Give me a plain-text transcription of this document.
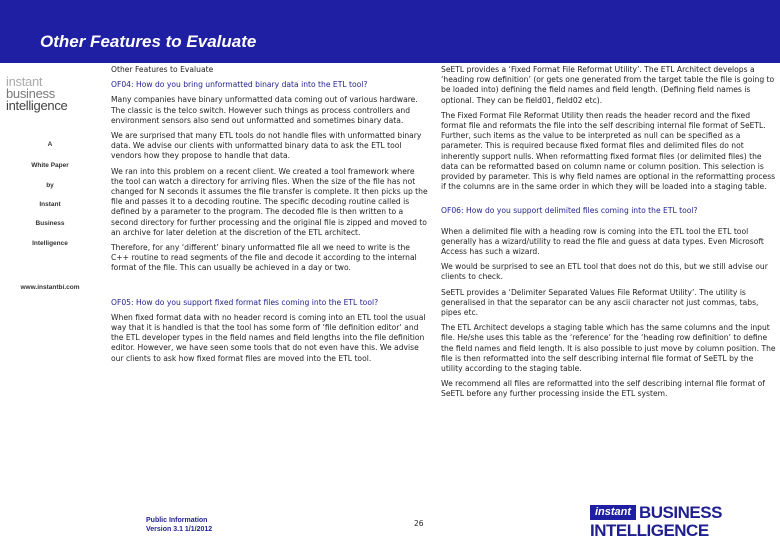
Other Features to Evaluate
instant
business
intelligence
A
White Paper
by
Instant
Business
Intelligence
www.instantbi.com

Other Features to Evaluate

OF04: How do you bring unformatted binary data into the ETL tool?

Many companies have binary unformatted data coming out of various hardware. The classic is the telco switch. However such things as process controllers and environment sensors also send out unformatted and sometimes binary data.

We are surprised that many ETL tools do not handle files with unformatted binary data. We advise our clients with unformatted binary data to ask the ETL tool vendors how they propose to handle that data.

We ran into this problem on a recent client. We created a tool framework where the tool can watch a directory for arriving files. When the size of the file has not changed for N seconds it assumes the file transfer is complete. It then picks up the file and passes it to a decoding routine. The specific decoding routine called is defined by a parameter to the program. The decoded file is then written to a second directory for further processing and the original file is zipped and moved to an archive for later deletion at the discretion of the ETL architect.

Therefore, for any ‘different’ binary unformatted file all we need to write is the C++ routine to read segments of the file and decode it according to the internal format of the file. This can usually be achieved in a day or two.

OF05: How do you support fixed format files coming into the ETL tool?

When fixed format data with no header record is coming into an ETL tool the usual way that it is handled is that the tool has some form of ‘file definition editor’ and the ETL developer types in the field names and field lengths into the file definition editor. However, we have seen some tools that do not even have this. We advise our clients to ask how fixed format files are moved into the ETL tool.

SeETL provides a ‘Fixed Format File Reformat Utility’. The ETL Architect develops a ‘heading row definition’ (or gets one generated from the target table the file is going to be loaded into) defining the field names and field length. (Defining field names is optional. They can be field01, field02 etc).

The Fixed Format File Reformat Utility then reads the header record and the fixed format file and reformats the file into the self describing internal file format of SeETL. Further, such items as the value to be interpreted as null can be specified as a parameter. This is required because fixed format files and delimited files do not inherently support nulls. When reformatting fixed format files (or delimited files) the data can be reformatted based on column name or column position. This selection is provided by parameter. This is why field names are optional in the reformatting process if the columns are in the same order in which they will be loaded into a staging table.

OF06: How do you support delimited files coming into the ETL tool?

When a delimited file with a heading row is coming into the ETL tool the ETL tool generally has a wizard/utility to read the file and guess at data types. Even Microsoft Access has such a wizard.

We would be surprised to see an ETL tool that does not do this, but we still advise our clients to check.

SeETL provides a ‘Delimiter Separated Values File Reformat Utility’. The utility is generalised in that the separator can be any ascii character not just commas, tabs, pipes etc.

The ETL Architect develops a staging table which has the same columns and the input file. He/she uses this table as the ‘reference’ for the ‘heading row definition’ to define the field names and field length. It is also possible to just move by column position. The file is then reformatted into the self describing internal file format of SeETL by the utility according to the staging table.

We recommend all files are reformatted into the self describing internal file format of SeETL before any further processing inside the ETL system.

Public Information
Version 3.1 1/1/2012
26
instant BUSINESS
INTELLIGENCE
